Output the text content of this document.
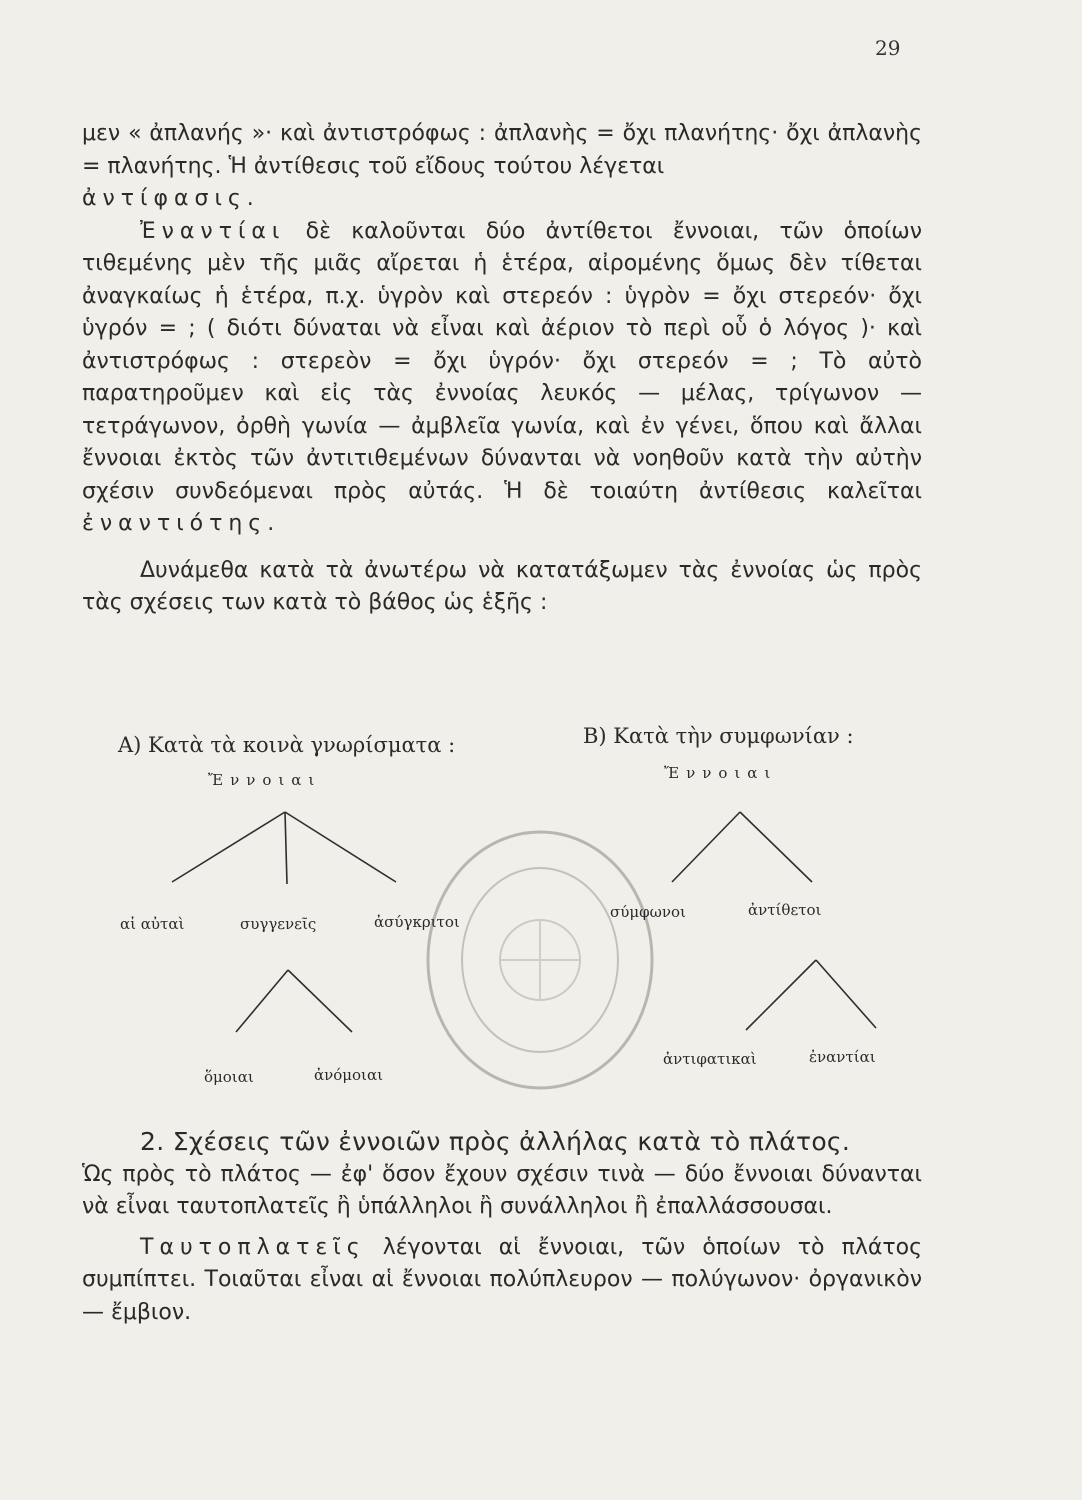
29

μεν « ἀπλανής »· καὶ ἀντιστρόφως : ἀπλανὴς = ὄχι πλανήτης· ὄχι ἀπλανὴς = πλανήτης. Ἡ ἀντίθεσις τοῦ εἴδους τούτου λέγεται
ἀντίφασις.

Ἐναντίαι δὲ καλοῦνται δύο ἀντίθετοι ἔννοιαι, τῶν ὁποίων τιθεμένης μὲν τῆς μιᾶς αἴρεται ἡ ἑτέρα, αἰρομένης ὅμως δὲν τίθεται ἀναγκαίως ἡ ἑτέρα, π.χ. ὑγρὸν καὶ στερεόν : ὑγρὸν = ὄχι στερεόν· ὄχι ὑγρόν = ; ( διότι δύναται νὰ εἶναι καὶ ἀέριον τὸ περὶ οὗ ὁ λόγος )· καὶ ἀντιστρόφως : στερεὸν = ὄχι ὑγρόν· ὄχι στερεόν = ; Τὸ αὐτὸ παρατηροῦμεν καὶ εἰς τὰς ἐννοίας λευκός — μέλας, τρίγωνον — τετράγωνον, ὀρθὴ γωνία — ἀμβλεῖα γωνία, καὶ ἐν γένει, ὅπου καὶ ἄλλαι ἔννοιαι ἐκτὸς τῶν ἀντιτιθεμένων δύνανται νὰ νοηθοῦν κατὰ τὴν αὐτὴν σχέσιν συνδεόμεναι πρὸς αὐτάς. Ἡ δὲ τοιαύτη ἀντίθεσις καλεῖται ἐναντιότης.

Δυνάμεθα κατὰ τὰ ἀνωτέρω νὰ κατατάξωμεν τὰς ἐννοίας ὡς πρὸς τὰς σχέσεις των κατὰ τὸ βάθος ὡς ἑξῆς :

A) Κατὰ τὰ κοινὰ γνωρίσματα :
Ἔννοιαι
αἱ αὐταὶ	συγγενεῖς	ἀσύγκριτοι
ὅμοιαι	ἀνόμοιαι
B) Κατὰ τὴν συμφωνίαν :
Ἔννοιαι
σύμφωνοι	ἀντίθετοι
ἀντιφατικαὶ	ἐναντίαι

2. Σχέσεις τῶν ἐννοιῶν πρὸς ἀλλήλας κατὰ τὸ πλάτος.

Ὡς πρὸς τὸ πλάτος — ἐφ' ὅσον ἔχουν σχέσιν τινὰ — δύο ἔννοιαι δύνανται νὰ εἶναι ταυτοπλατεῖς ἢ ὑπάλληλοι ἢ συνάλληλοι ἢ ἐπαλλάσσουσαι.

Ταυτοπλατεῖς λέγονται αἱ ἔννοιαι, τῶν ὁποίων τὸ πλάτος συμπίπτει. Τοιαῦται εἶναι αἱ ἔννοιαι πολύπλευρον — πολύγωνον· ὀργανικὸν — ἔμβιον.
